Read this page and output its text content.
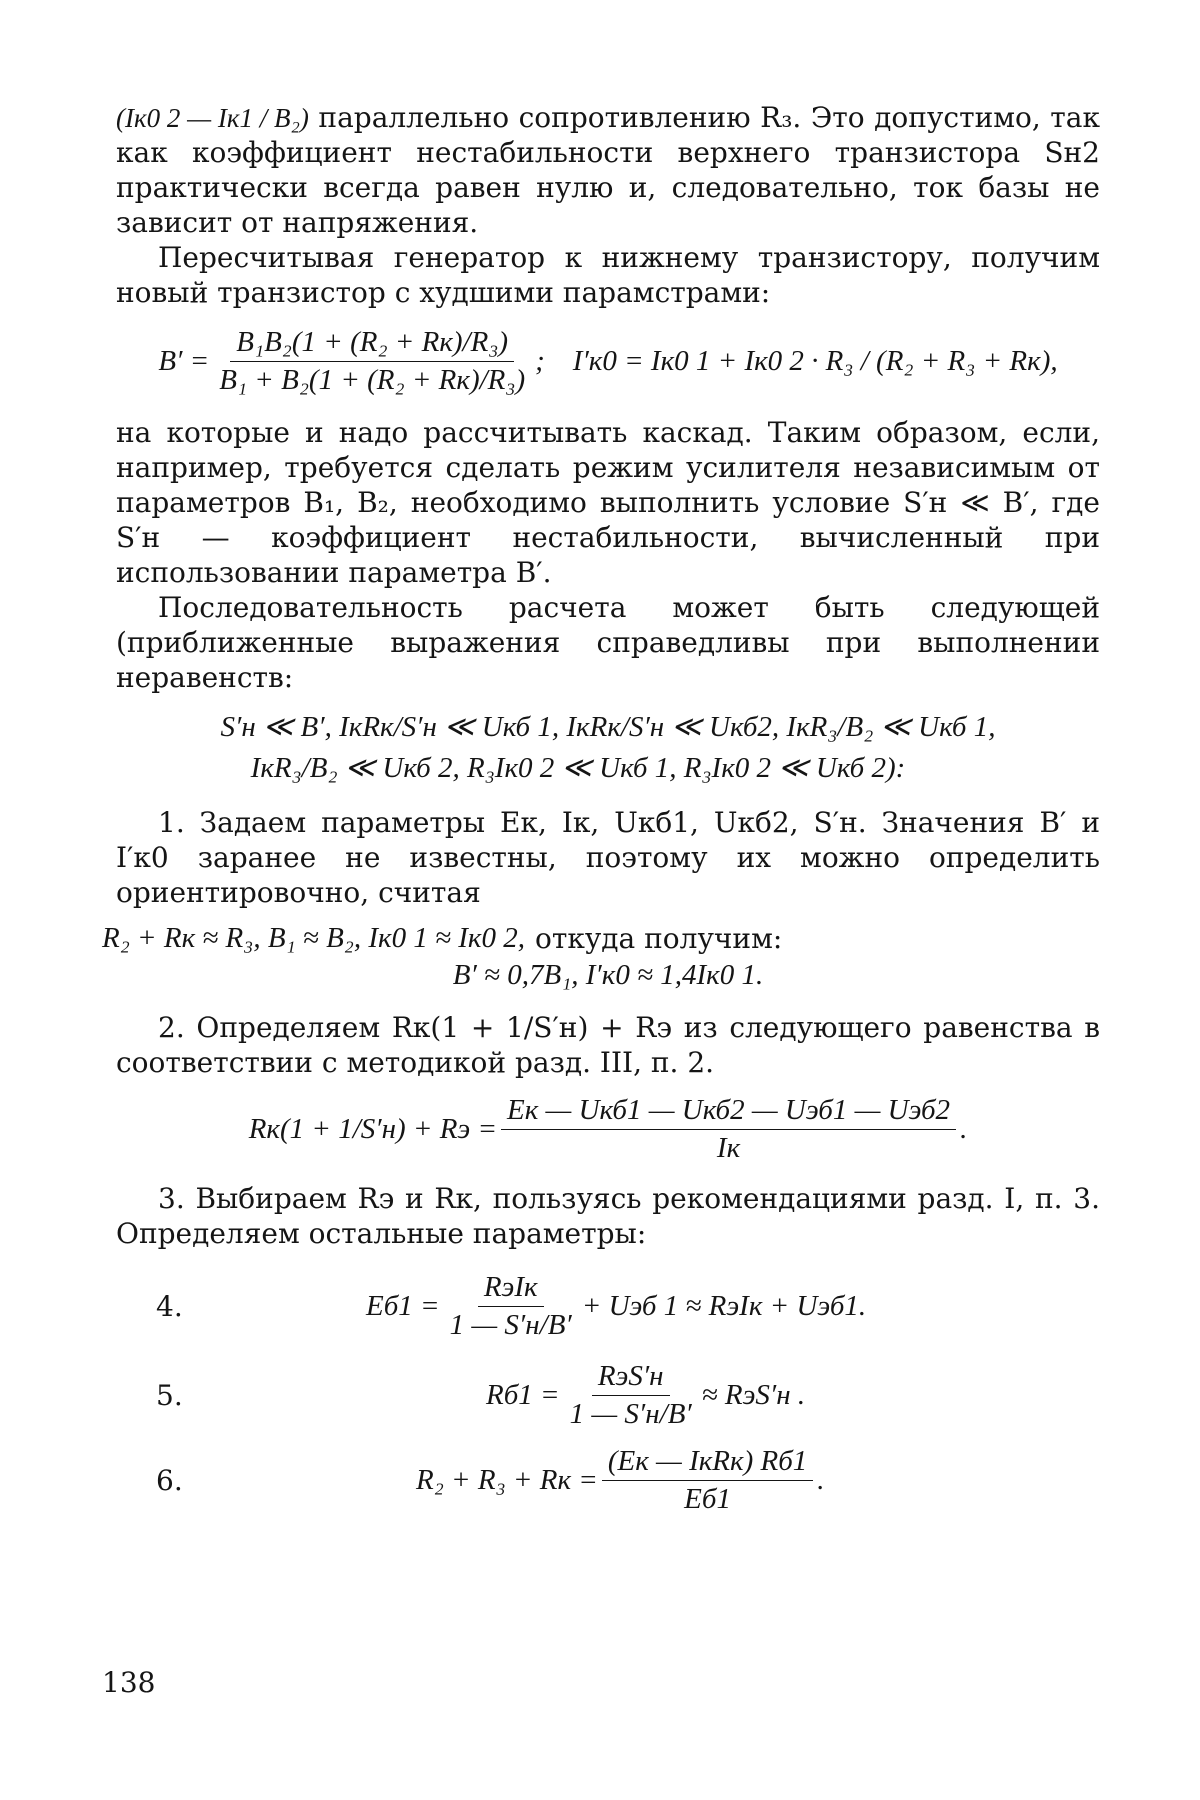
(Iк0 2 — Iк1 / B₂) параллельно сопротивлению R₃. Это допустимо, так как коэффициент нестабильности верхнего транзистора Sн2 практически всегда равен нулю и, следовательно, ток базы не зависит от напряжения.

Пересчитывая генератор к нижнему транзистору, получим новый транзистор с худшими парамстрами:

$B' = \frac{\text{B₁B₂(1 + (R₂ + Rк)/R₃)}}{\text{B₁ + B₂(1 + (R₂ + Rк)/R₃)}}$ ; I′к0 = Iк0 1 + Iк0 2 · R₃ / (R₂ + R₃ + Rк),

на которые и надо рассчитывать каскад. Таким образом, если, например, требуется сделать режим усилителя независимым от параметров B₁, B₂, необходимо выполнить условие S′н ≪ B′, где S′н — коэффициент нестабильности, вычисленный при использовании параметра B′.

Последовательность расчета может быть следующей (приближенные выражения справедливы при выполнении неравенств:

S′н ≪ B′, IкRк/S′н ≪ Uкб 1, IкRк/S′н ≪ Uкб2, IкR₃/B₂ ≪ Uкб 1,
IкR₃/B₂ ≪ Uкб 2, R₃Iк0 2 ≪ Uкб 1, R₃Iк0 2 ≪ Uкб 2):

1. Задаем параметры Eк, Iк, Uкб1, Uкб2, S′н. Значения B′ и I′к0 заранее не известны, поэтому их можно определить ориентировочно, считая

R₂ + Rк ≈ R₃, B₁ ≈ B₂, Iк0 1 ≈ Iк0 2, откуда получим:
B′ ≈ 0,7B₁, I′к0 ≈ 1,4Iк0 1.

2. Определяем Rк(1 + 1/S′н) + Rэ из следующего равенства в соответствии с методикой разд. III, п. 2.

Rк(1 + 1/S′н) + Rэ = $\frac{\text{Eк — Uкб1 — Uкб2 — Uэб1 — Uэб2}}{Iк}$ .

3. Выбираем Rэ и Rк, пользуясь рекомендациями разд. I, п. 3. Определяем остальные параметры:

4.	$Eб1 = \frac{\text{RэIк}}{1 — S'н/B'}$ + Uэб 1 ≈ RэIк + Uэб1.
5.	$Rб1 = \frac{\text{RэS′н}}{1 — S'н/B'} \approx RэS'н$ .
6.	R₂ + R₃ + Rк = $\frac{\text{(Eк — IкRк) Rб1}}{Eб1}$ .
138
